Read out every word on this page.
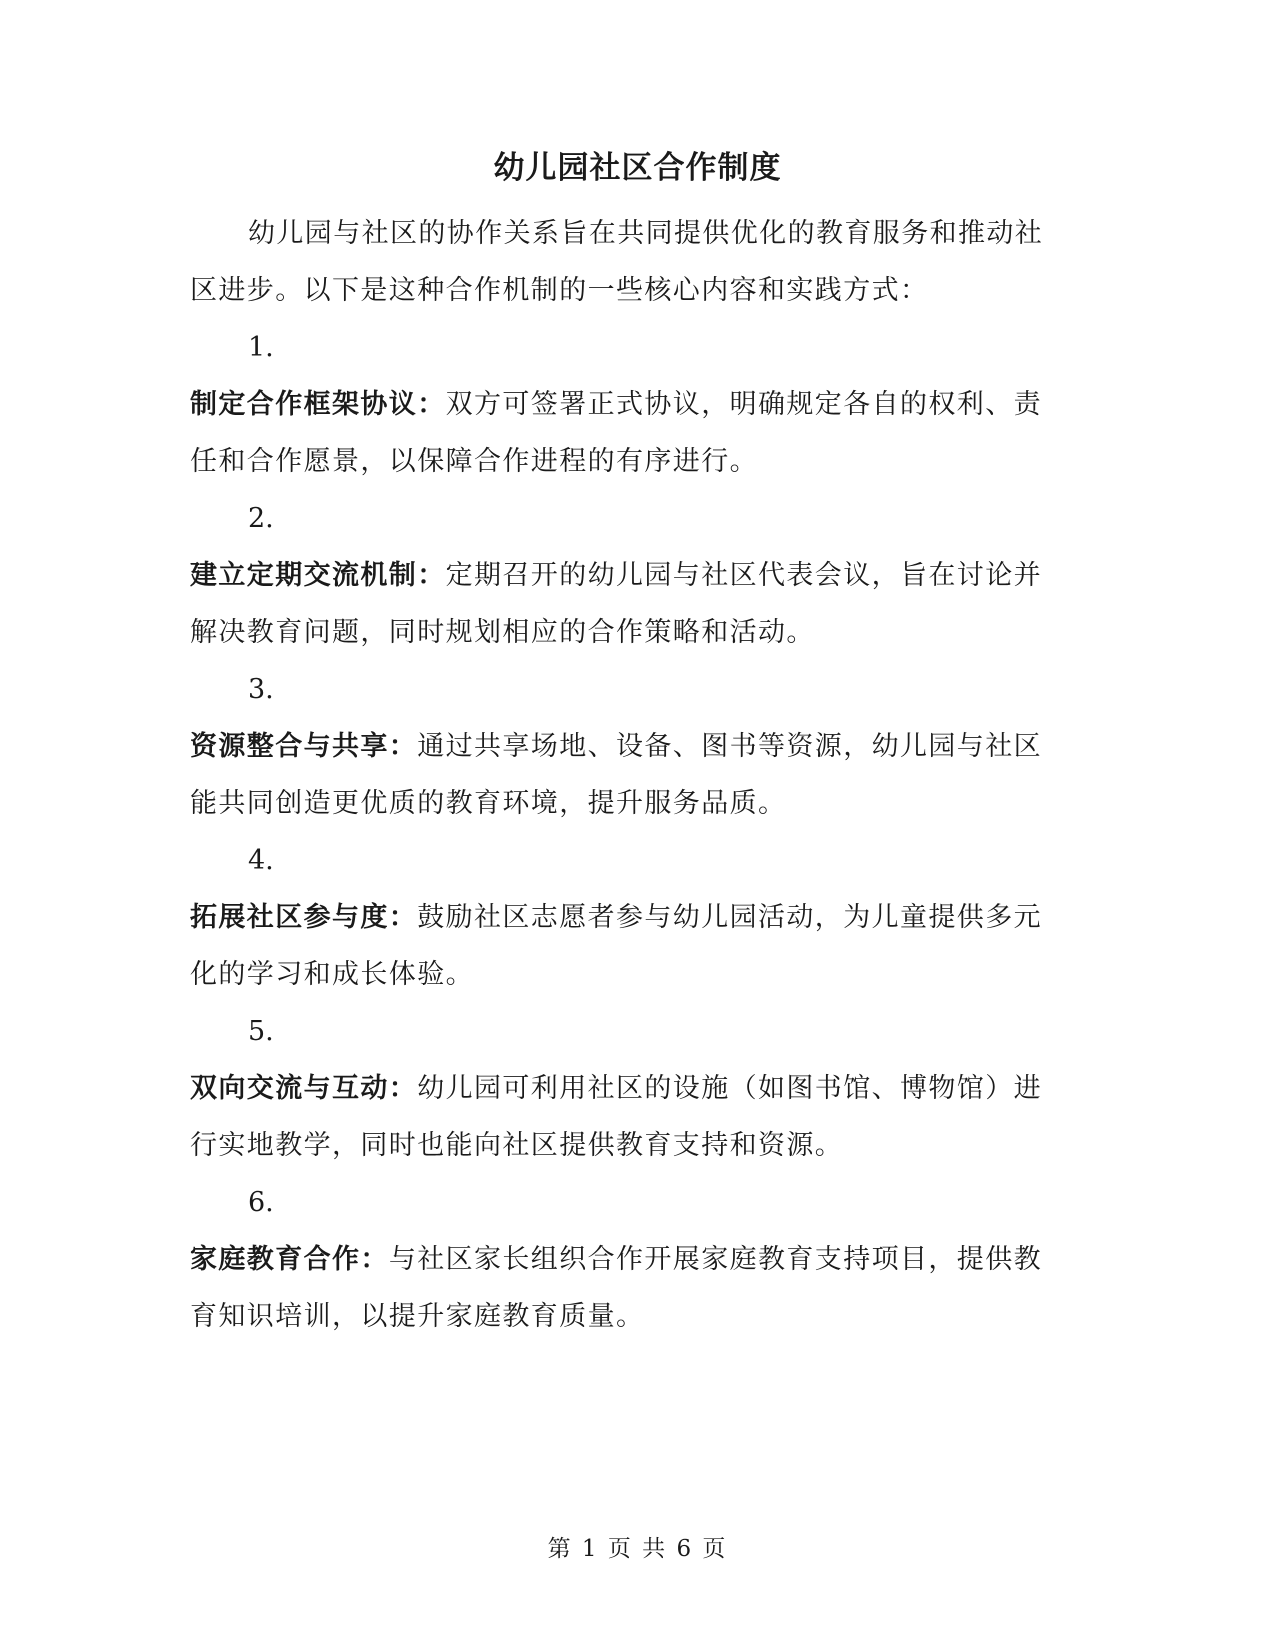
幼儿园社区合作制度

幼儿园与社区的协作关系旨在共同提供优化的教育服务和推动社区进步。以下是这种合作机制的一些核心内容和实践方式：

1.

制定合作框架协议：双方可签署正式协议，明确规定各自的权利、责任和合作愿景，以保障合作进程的有序进行。

2.

建立定期交流机制：定期召开的幼儿园与社区代表会议，旨在讨论并解决教育问题，同时规划相应的合作策略和活动。

3.

资源整合与共享：通过共享场地、设备、图书等资源，幼儿园与社区能共同创造更优质的教育环境，提升服务品质。

4.

拓展社区参与度：鼓励社区志愿者参与幼儿园活动，为儿童提供多元化的学习和成长体验。

5.

双向交流与互动：幼儿园可利用社区的设施（如图书馆、博物馆）进行实地教学，同时也能向社区提供教育支持和资源。

6.

家庭教育合作：与社区家长组织合作开展家庭教育支持项目，提供教育知识培训，以提升家庭教育质量。

第 1 页 共 6 页
